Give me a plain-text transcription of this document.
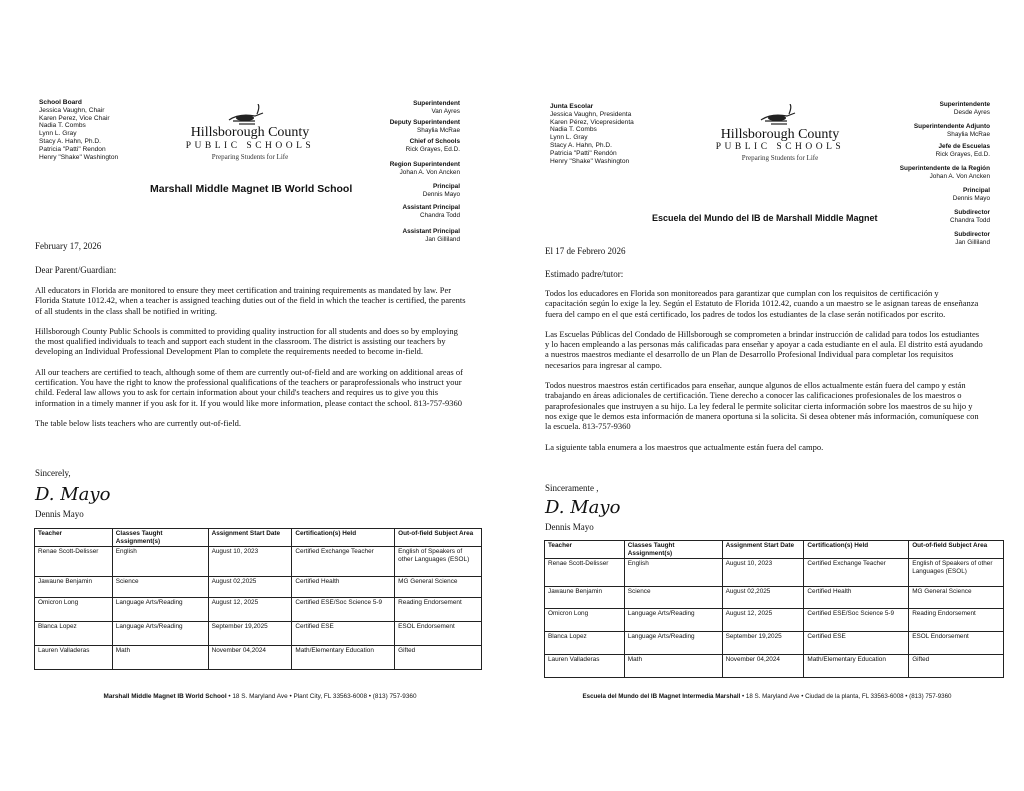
School Board
Jessica Vaughn, Chair
Karen Perez, Vice Chair
Nadia T. Combs
Lynn L. Gray
Stacy A. Hahn, Ph.D.
Patricia "Patti" Rendon
Henry "Shake" Washington
Hillsborough County
PUBLIC SCHOOLS
Preparing Students for Life
Superintendent
Van Ayres
Deputy Superintendent
Shaylia McRae
Chief of Schools
Rick Grayes, Ed.D.
Region Superintendent
Johan A. Von Ancken
Principal
Dennis Mayo
Assistant Principal
Chandra Todd
Assistant Principal
Jan Gilliland
Marshall Middle Magnet IB World School
February 17, 2026
Dear Parent/Guardian:

All educators in Florida are monitored to ensure they meet certification and training requirements as mandated by law. Per Florida Statute 1012.42, when a teacher is assigned teaching duties out of the field in which the teacher is certified, the parents of all students in the class shall be notified in writing.

Hillsborough County Public Schools is committed to providing quality instruction for all students and does so by employing the most qualified individuals to teach and support each student in the classroom. The district is assisting our teachers by developing an Individual Professional Development Plan to complete the requirements needed to become in-field.

All our teachers are certified to teach, although some of them are currently out-of-field and are working on additional areas of certification. You have the right to know the professional qualifications of the teachers or paraprofessionals who instruct your child. Federal law allows you to ask for certain information about your child's teachers and requires us to give you this information in a timely manner if you ask for it. If you would like more information, please contact the school. 813-757-9360

The table below lists teachers who are currently out-of-field.

Sincerely,
D. Mayo
Dennis Mayo
Teacher	Classes Taught Assignment(s)	Assignment Start Date	Certification(s) Held	Out-of-field Subject Area
Renae Scott-Delisser	English	August 10, 2023	Certified Exchange Teacher	English of Speakers of other Languages (ESOL)
Jawaune Benjamin	Science	August 02,2025	Certified Health	MG General Science
Omicron Long	Language Arts/Reading	August 12, 2025	Certified ESE/Soc Science 5-9	Reading Endorsement
Blanca Lopez	Language Arts/Reading	September 19,2025	Certified ESE	ESOL Endorsement
Lauren Valladeras	Math	November 04,2024	Math/Elementary Education	Gifted
Marshall Middle Magnet IB World School • 18 S. Maryland Ave • Plant City, FL 33563-6008 • (813) 757-9360
Junta Escolar
Jessica Vaughn, Presidenta
Karen Pérez, Vicepresidenta
Nadia T. Combs
Lynn L. Gray
Stacy A. Hahn, Ph.D.
Patricia "Patti" Rendón
Henry "Shake" Washington
Hillsborough County
PUBLIC SCHOOLS
Preparing Students for Life
Superintendente
Desde Ayres
Superintendente Adjunto
Shaylia McRae
Jefe de Escuelas
Rick Grayes, Ed.D.
Superintendente de la Región
Johan A. Von Ancken
Principal
Dennis Mayo
Subdirector
Chandra Todd
Subdirector
Jan Gilliland
Escuela del Mundo del IB de Marshall Middle Magnet
El 17 de Febrero 2026
Estimado padre/tutor:

Todos los educadores en Florida son monitoreados para garantizar que cumplan con los requisitos de certificación y capacitación según lo exige la ley. Según el Estatuto de Florida 1012.42, cuando a un maestro se le asignan tareas de enseñanza fuera del campo en el que está certificado, los padres de todos los estudiantes de la clase serán notificados por escrito.

Las Escuelas Públicas del Condado de Hillsborough se comprometen a brindar instrucción de calidad para todos los estudiantes y lo hacen empleando a las personas más calificadas para enseñar y apoyar a cada estudiante en el aula. El distrito está ayudando a nuestros maestros mediante el desarrollo de un Plan de Desarrollo Profesional Individual para completar los requisitos necesarios para ingresar al campo.

Todos nuestros maestros están certificados para enseñar, aunque algunos de ellos actualmente están fuera del campo y están trabajando en áreas adicionales de certificación. Tiene derecho a conocer las calificaciones profesionales de los maestros o paraprofesionales que instruyen a su hijo. La ley federal le permite solicitar cierta información sobre los maestros de su hijo y nos exige que le demos esta información de manera oportuna si la solicita. Si desea obtener más información, comuníquese con la escuela. 813-757-9360

La siguiente tabla enumera a los maestros que actualmente están fuera del campo.

Sinceramente ,
D. Mayo
Dennis Mayo
Teacher	Classes Taught Assignment(s)	Assignment Start Date	Certification(s) Held	Out-of-field Subject Area
Renae Scott-Delisser	English	August 10, 2023	Certified Exchange Teacher	English of Speakers of other Languages (ESOL)
Jawaune Benjamin	Science	August 02,2025	Certified Health	MG General Science
Omicron Long	Language Arts/Reading	August 12, 2025	Certified ESE/Soc Science 5-9	Reading Endorsement
Blanca Lopez	Language Arts/Reading	September 19,2025	Certified ESE	ESOL Endorsement
Lauren Valladeras	Math	November 04,2024	Math/Elementary Education	Gifted
Escuela del Mundo del IB Magnet Intermedia Marshall • 18 S. Maryland Ave • Ciudad de la planta, FL 33563-6008 • (813) 757-9360
